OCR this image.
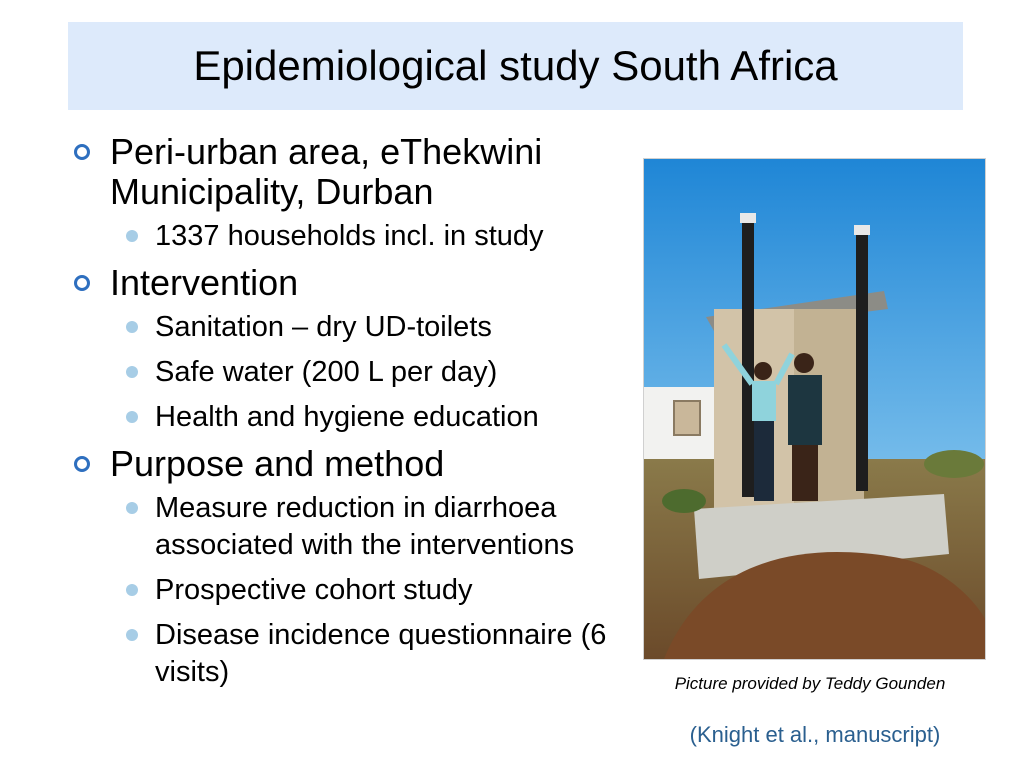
Epidemiological study South Africa
Peri-urban area, eThekwini Municipality, Durban
1337 households incl. in study
Intervention
Sanitation – dry UD-toilets
Safe water (200 L per day)
Health and hygiene education
Purpose and method
Measure reduction in diarrhoea associated with the interventions
Prospective cohort study
Disease incidence questionnaire (6 visits)	Picture provided by Teddy Gounden
(Knight et al., manuscript)
